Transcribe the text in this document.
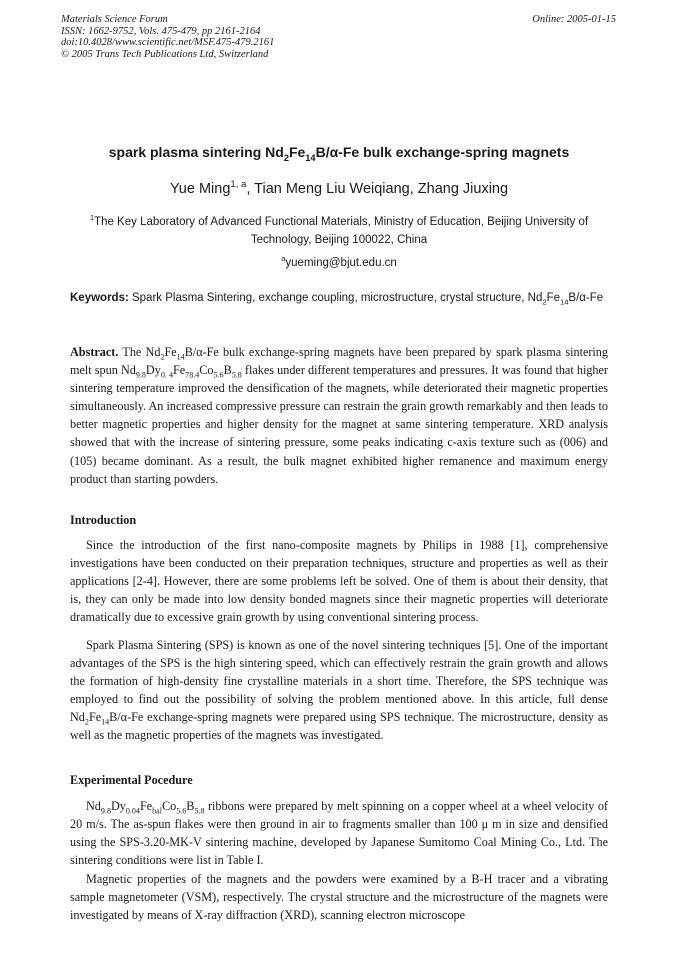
Materials Science Forum
ISSN: 1662-9752, Vols. 475-479, pp 2161-2164
doi:10.4028/www.scientific.net/MSF.475-479.2161
© 2005 Trans Tech Publications Ltd, Switzerland
Online: 2005-01-15
spark plasma sintering $Nd_2Fe_{14}B/\alpha-Fe$ bulk exchange-spring magnets
Yue Ming$^{1, a}$, Tian Meng Liu Weiqiang, Zhang Jiuxing
$^1$The Key Laboratory of Advanced Functional Materials, Ministry of Education, Beijing University of
Technology, Beijing 100022, China
$^a$yueming@bjut.edu.cn
Keywords: Spark Plasma Sintering, exchange coupling, microstructure, crystal structure, $Nd_2Fe_{14}B/\alpha-Fe$
Abstract. The $Nd_2Fe_{14}B/\alpha-Fe$ bulk exchange-spring magnets have been prepared by spark plasma sintering melt spun $Nd_{9.8}Dy_{0. 4}Fe_{78.4}Co_{5.6}B_{5.8}$ flakes under different temperatures and pressures. It was found that higher sintering temperature improved the densification of the magnets, while deteriorated their magnetic properties simultaneously. An increased compressive pressure can restrain the grain growth remarkably and then leads to better magnetic properties and higher density for the magnet at same sintering temperature. XRD analysis showed that with the increase of sintering pressure, some peaks indicating c-axis texture such as (006) and (105) became dominant. As a result, the bulk magnet exhibited higher remanence and maximum energy product than starting powders.
Introduction

Since the introduction of the first nano-composite magnets by Philips in 1988 [1], comprehensive investigations have been conducted on their preparation techniques, structure and properties as well as their applications [2-4]. However, there are some problems left be solved. One of them is about their density, that is, they can only be made into low density bonded magnets since their magnetic properties will deteriorate dramatically due to excessive grain growth by using conventional sintering process.

Spark Plasma Sintering (SPS) is known as one of the novel sintering techniques [5]. One of the important advantages of the SPS is the high sintering speed, which can effectively restrain the grain growth and allows the formation of high-density fine crystalline materials in a short time. Therefore, the SPS technique was employed to find out the possibility of solving the problem mentioned above. In this article, full dense $Nd_2Fe_{14}B/\alpha-Fe$ exchange-spring magnets were prepared using SPS technique. The microstructure, density as well as the magnetic properties of the magnets was investigated.

Experimental Pocedure

$Nd_{9.8}Dy_{0.04}Fe_{bal}Co_{5.6}B_{5.8}$ ribbons were prepared by melt spinning on a copper wheel at a wheel velocity of 20 m/s. The as-spun flakes were then ground in air to fragments smaller than 100 μ m in size and densified using the SPS-3.20-MK-V sintering machine, developed by Japanese Sumitomo Coal Mining Co., Ltd. The sintering conditions were list in Table I.

Magnetic properties of the magnets and the powders were examined by a B-H tracer and a vibrating sample magnetometer (VSM), respectively. The crystal structure and the microstructure of the magnets were investigated by means of X-ray diffraction (XRD), scanning electron microscope
